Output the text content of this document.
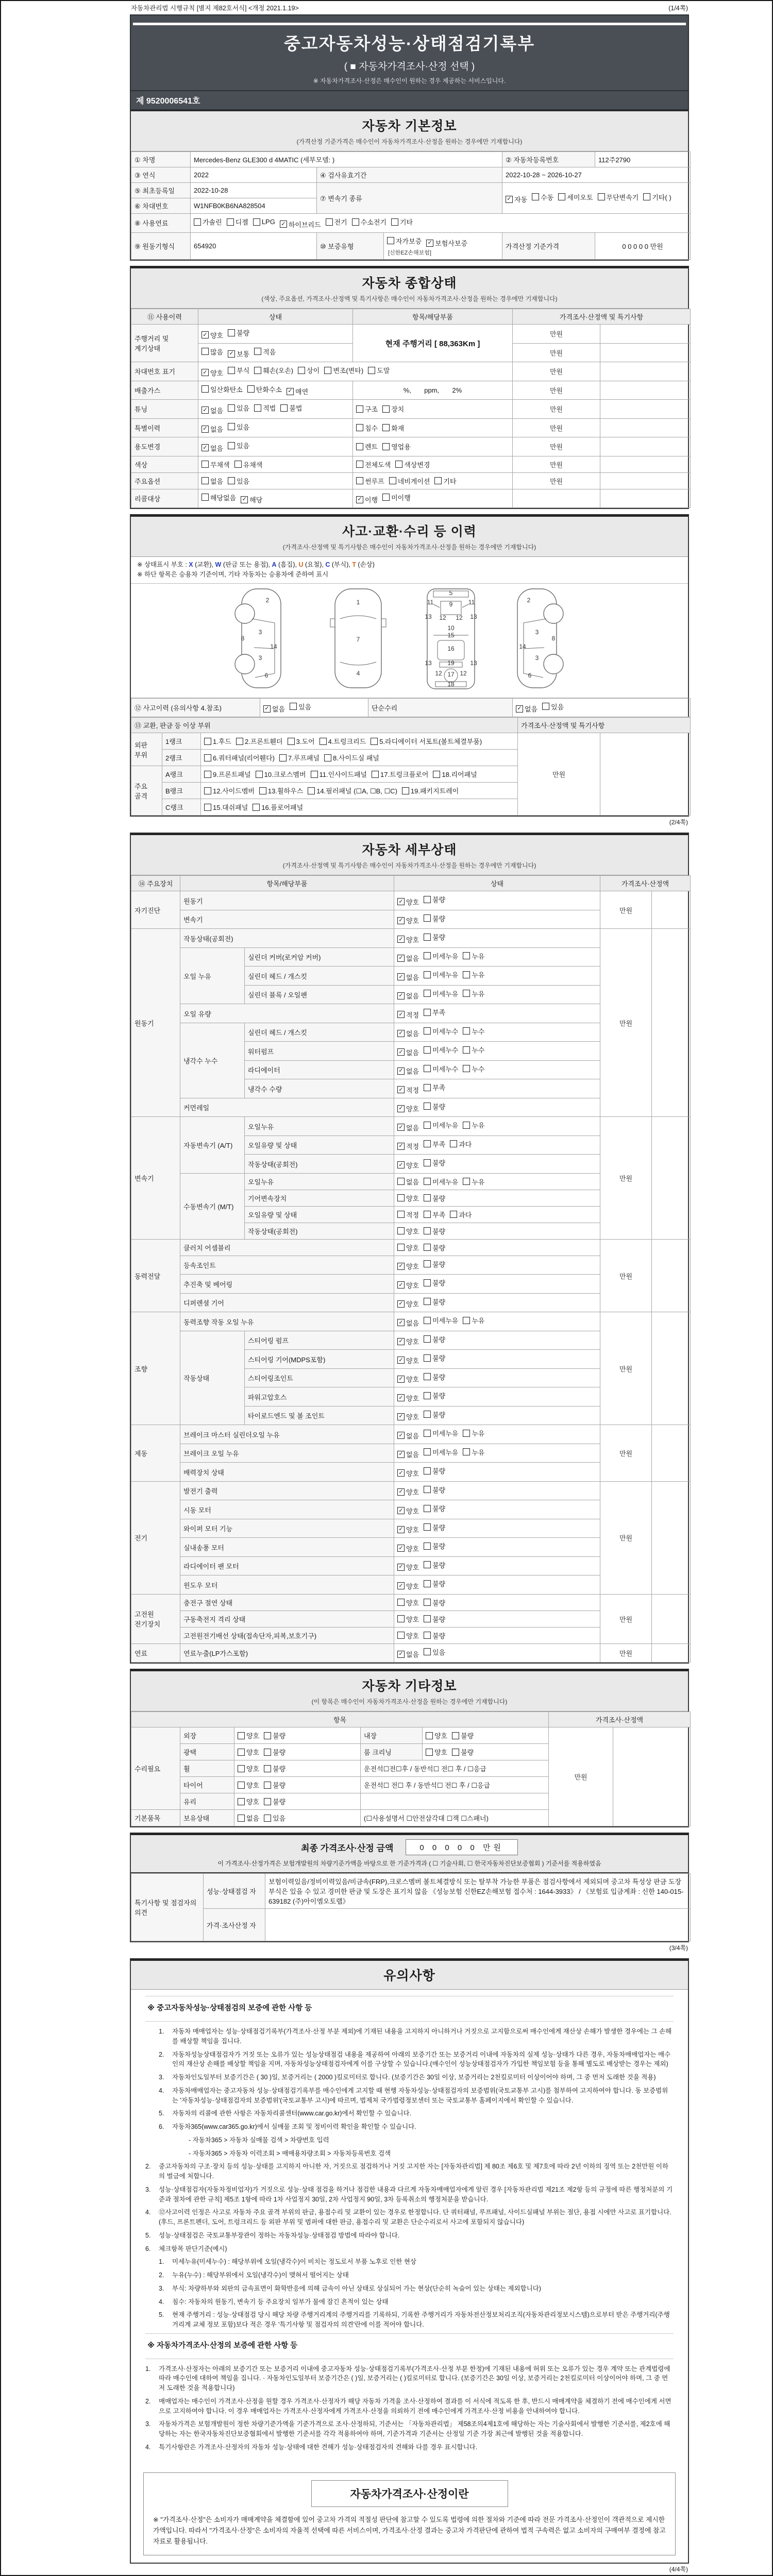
자동차관리법 시행규칙 [별지 제82호서식] <개정 2021.1.19>	(1/4쪽)
중고자동차성능·상태점검기록부
( ■ 자동차가격조사·산정 선택 )
※ 자동차가격조사·산정은 매수인이 원하는 경우 제공하는 서비스입니다.
제 9520006541호
자동차 기본정보
(가격산정 기준가격은 매수인이 자동차가격조사·산정을 원하는 경우에만 기재합니다)
① 차명	Mercedes-Benz GLE300 d 4MATIC (세부모델: )			② 자동차등록번호	112주2790
③ 연식	2022	④ 검사유효기간		2022-10-28 ~ 2026-10-27	
⑤ 최초등록일	2022-10-28	⑦ 변속기 종류	✓ 자동 수동 세미오토 무단변속기 기타( )

⑥ 차대번호	W1NFB0KB6NA828504				
⑧ 사용연료	가솔린 디젤 LPG ✓ 하이브리드 전기 수소전기 기타

⑨ 원동기형식	654920	⑩ 보증유형	자가보증 ✓ 보험사보증
[신한EZ손해보험]	가격산정 기준가격	0 0 0 0 0 만원
자동차 종합상태
(색상, 주요옵션, 가격조사·산정액 및 특기사항은 매수인이 자동차가격조사·산정을 원하는 경우에만 기재합니다)
⑪ 사용이력	상태	항목/해당부품	가격조사·산정액 및 특기사항	
주행거리 및 계기상태	✓ 양호 불량	현재 주행거리 [ 88,363Km ]	만원	

	많음 ✓ 보통 적음		만원	
차대번호 표기	✓ 양호 부식 훼손(오손) 상이 변조(변타) 도말	만원	
배출가스	일산화탄소 탄화수소 ✓ 매연	%,       ppm,       2%	만원	
튜닝	✓ 없음 있음 적법 불법	구조 장치	만원	
특별이력	✓ 없음 있음	침수 화재	만원	
용도변경	✓ 없음 있음	렌트 영업용	만원	
색상	무채색 유채색	전체도색 색상변경	만원	
주요옵션	없음 있음	썬루프 네비게이션 기타	만원	
리콜대상	해당없음 ✓ 해당	✓ 이행 미이행		

사고·교환·수리 등 이력
(가격조사·산정액 및 특기사항은 매수인이 자동차가격조사·산정을 원하는 경우에만 기재합니다)
※ 상태표시 부호 : X (교환), W (판금 또는 용접), A (흠집), U (요철), C (부식), T (손상)
※ 하단 항목은 승용차 기준이며, 기타 자동차는 승용차에 준하여 표시
2
8
3
14
3
6
1
7
4
5
11	11
9
13	13
12 12
10
15
16
19
13	13
12	12
17
18
2
8
3
14
3
6
⑫ 사고이력 (유의사항 4.참조)	✓ 없음 있음	단순수리	✓ 없음 있음
⑬ 교환, 판금 등 이상 부위			가격조사·산정액 및 특기사항	
외판 부위	1랭크	1.후드 2.프론트휀더 3.도어 4.트렁크리드 5.라디에이터 서포트(볼트체결부품)	만원	
	2랭크	6.쿼터패널(리어휀다) 7.루프패널 8.사이드실 패널		

주요 골격	A랭크	9.프론트패널 10.크로스멤버 11.인사이드패널 17.트렁크플로어 18.리어패널		

	B랭크	12.사이드멤버 13.휠하우스 14.필러패널 (☐A, ☐B, ☐C) 19.패키지트레이		

	C랭크	15.대쉬패널 16.플로어패널		
(2/4쪽)
자동차 세부상태
(가격조사·산정액 및 특기사항은 매수인이 자동차가격조사·산정을 원하는 경우에만 기재합니다)
⑭ 주요장치	항목/해당부품		상태	가격조사·산정액	
자기진단	원동기		✓ 양호 불량	만원	
	변속기		✓ 양호 불량		

원동기	작동상태(공회전)		✓ 양호 불량	만원	
	오일 누유	실린더 커버(로커암 커버)	✓ 없음 미세누유 누유		

		실린더 헤드 / 개스킷	✓ 없음 미세누유 누유		

		실린더 블록 / 오일팬	✓ 없음 미세누유 누유		

	오일 유량		✓ 적정 부족		

	냉각수 누수	실린더 헤드 / 개스킷	✓ 없음 미세누수 누수		

		워터펌프	✓ 없음 미세누수 누수		

		라디에이터	✓ 없음 미세누수 누수		

		냉각수 수량	✓ 적정 부족		

	커먼레일		✓ 양호 불량		

변속기	자동변속기 (A/T)	오일누유	✓ 없음 미세누유 누유	만원	
		오일유량 및 상태	✓ 적정 부족 과다		

		작동상태(공회전)	✓ 양호 불량		

	수동변속기 (M/T)	오일누유	없음 미세누유 누유		

		기어변속장치	양호 불량		

		오일유량 및 상태	적정 부족 과다		

		작동상태(공회전)	양호 불량		

동력전달	클러치 어셈블리		양호 불량	만원	
	등속조인트		✓ 양호 불량		

	추진축 및 베어링		✓ 양호 불량		

	디퍼렌셜 기어		✓ 양호 불량		

조향	동력조향 작동 오일 누유		✓ 없음 미세누유 누유	만원	
	작동상태	스티어링 펌프	✓ 양호 불량		

		스티어링 기어(MDPS포함)	✓ 양호 불량		

		스티어링조인트	✓ 양호 불량		

		파워고압호스	✓ 양호 불량		

		타이로드엔드 및 볼 조인트	✓ 양호 불량		

제동	브레이크 마스터 실린더오일 누유		✓ 없음 미세누유 누유	만원	
	브레이크 오일 누유		✓ 없음 미세누유 누유		

	배력장치 상태		✓ 양호 불량		

전기	발전기 출력		✓ 양호 불량	만원	
	시동 모터		✓ 양호 불량		

	와이퍼 모터 기능		✓ 양호 불량		

	실내송풍 모터		✓ 양호 불량		

	라디에이터 팬 모터		✓ 양호 불량		

	윈도우 모터		✓ 양호 불량		

고전원 전기장치	충전구 절연 상태		양호 불량	만원	
	구동축전지 격리 상태		양호 불량		

	고전원전기배선 상태(접속단자,피복,보호기구)		양호 불량		

연료	연료누출(LP가스포함)		✓ 없음 있음	만원	
자동차 기타정보
(이 항목은 매수인이 자동차가격조사·산정을 원하는 경우에만 기재합니다)
항목					가격조사·산정액	
수리필요	외장	양호 불량	내장	양호 불량	만원	
	광택	양호 불량	룸 크리닝	양호 불량		

	휠	양호 불량	운전석☐전☐후 / 동반석☐ 전☐ 후 / ☐응급			
	타이어	양호 불량	운전석☐ 전☐ 후 / 동반석☐ 전☐ 후 / ☐응급			
	유리	양호 불량				

기본품목	보유상태	없음 있음	(☐사용설명서 ☐안전삼각대 ☐잭 ☐스패너)			
최종 가격조사·산정 금액	0 0 0 0 0 만원
이 가격조사·산정가격은 보험개발원의 차량기준가액을 바탕으로 한 기준가격과 ( ☐ 기술사회, ☐ 한국자동차진단보증협회 ) 기준서를 적용하였음
특기사항 및 점검자의 의견	성능·상태점검 자	보험이력있음/정비이력있음/비금속(FRP),크로스멤버 볼트체결방식 또는 탈부착 가능한 부품은 점검사항에서 제외되며 중고차 특성상 판금 도장 부식은 있을 수 있고 경미한 판금 및 도장은 표기치 않음 《성능보험 신한EZ손해보험 접수처 : 1644-3933》 / 《보험료 입금계좌 : 신한 140-015-639182 (주)아이엠오토랩》
	가격·조사산정 자	
(3/4쪽)
유의사항
※ 중고자동차성능·상태점검의 보증에 관한 사항 등
1.	자동차 매매업자는 성능·상태점검기록부(가격조사·산정 부분 제외)에 기재된 내용을 고지하지 아니하거나 거짓으로 고지함으로써 매수인에게 재산상 손해가 발생한 경우에는 그 손해를 배상할 책임을 집니다.
2.	자동차성능상태점검자가 거짓 또는 오류가 있는 성능상태점검 내용을 제공하여 아래의 보증기간 또는 보증거리 이내에 자동차의 실제 성능·상태가 다른 경우, 자동차매매업자는 매수인의 재산상 손해를 배상할 책임을 지며, 자동차성능상태점검자에게 이를 구상할 수 있습니다.(매수인이 성능상태점검자가 가입한 책임보험 등을 통해 별도로 배상받는 경우는 제외)
3.	자동차인도일부터 보증기간은 ( 30 )일, 보증거리는 ( 2000 )킬로미터로 합니다. (보증기간은 30일 이상, 보증거리는 2천킬로미터 이상이어야 하며, 그 중 먼저 도래한 것을 적용)
4.	자동차매매업자는 중고자동차 성능·상태점검기록부를 매수인에게 고지할 때 현행 자동차성능·상태점검자의 보증범위(국토교통부 고시)를 첨부하여 고지하여야 합니다. 동 보증범위는 '자동차성능·상태점검자의 보증범위'(국토교통부 고시)에 따르며, 법제처 국가법령정보센터 또는 국토교통부 홈페이지에서 확인할 수 있습니다.
5.	자동차의 리콜에 관한 사항은 자동차리콜센터(www.car.go.kr)에서 확인할 수 있습니다.
6.	자동차365(www.car365.go.kr)에서 실매물 조회 및 정비이력 확인을 확인할 수 있습니다.
- 자동차365 > 자동차 실매물 검색 > 차량번호 입력
- 자동차365 > 자동차 이력조회 > 매매용차량조회 > 자동차등록번호 검색
2.	중고자동차의 구조·장치 등의 성능·상태를 고지하지 아니한 자, 거짓으로 점검하거나 거짓 고지한 자는 [자동차관리법] 제 80조 제6호 및 제7호에 따라 2년 이하의 징역 또는 2천만원 이하의 벌금에 처합니다.
3.	성능·상태점검자(자동차정비업자)가 거짓으로 성능·상태 점검을 하거나 점검한 내용과 다르게 자동차매매업자에게 알린 경우 [자동차관리법 제21조 제2항 등의 규정에 따른 행정처분의 기준과 절차에 관한 규칙] 제5조 1항에 따라 1차 사업정지 30일, 2차 사업정지 90일, 3차 등록취소의 행정처분을 받습니다.
4.	⑫사고이력 인정은 사고로 자동차 주요 골격 부위의 판금, 용접수리 및 교환이 있는 경우로 한정합니다. 단 쿼터패널, 루프패널, 사이드실패널 부위는 절단, 용접 시에만 사고로 표기합니다. (후드, 프론트펜더, 도어, 트렁크리드 등 외판 부위 및 범퍼에 대한 판금, 용접수리 및 교환은 단순수리로서 사고에 포함되지 않습니다)
5.	성능·상태점검은 국토교통부장관이 정하는 자동차성능·상태점검 방법에 따라야 합니다.
6.	체크항목 판단기준(예시)
1.	미세누유(미세누수) : 해당부위에 오일(냉각수)이 비치는 정도로서 부품 노후로 인한 현상
2.	누유(누수) : 해당부위에서 오일(냉각수)이 맺혀서 떨어지는 상태
3.	부식: 차량하부와 외판의 금속표면이 화학반응에 의해 금속이 아닌 상태로 상실되어 가는 현상(단순히 녹슬어 있는 상태는 제외합니다)
4.	침수: 자동차의 원동기, 변속기 등 주요장치 일부가 물에 잠긴 흔적이 있는 상태
5.	현재 주행거리 : 성능·상태점검 당시 해당 차량 주행거리계의 주행거리를 기록하되, 기록한 주행거리가 자동차전산정보처리조직(자동차관리정보시스템)으로부터 받은 주행거리(주행거리계 교체 정보 포함)보다 적은 경우 '특기사항 및 점검자의 의견'란에 이를 적어야 합니다.
※ 자동차가격조사·산정의 보증에 관한 사항 등
1.	가격조사·산정자는 아래의 보증기간 또는 보증거리 이내에 중고자동차 성능·상태점검기록부(가격조사·산정 부분 한정)에 기재된 내용에 허위 또는 오류가 있는 경우 계약 또는 관계법령에 따라 매수인에 대하여 책임을 집니다. · 자동차인도일부터 보증기간은 ( )일, 보증거리는 ( )킬로미터로 합니다. (보증기간은 30일 이상, 보증거리는 2천킬로미터 이상이어야 하며, 그 중 먼저 도래한 것을 적용합니다)
2.	매매업자는 매수인이 가격조사·산정을 원할 경우 가격조사·산정자가 해당 자동차 가격을 조사·산정하여 결과를 이 서식에 적도록 한 후, 반드시 매매계약을 체결하기 전에 매수인에게 서면으로 고지하여야 합니다. 이 경우 매매업자는 가격조사·산정자에게 가격조사·산정을 의뢰하기 전에 매수인에게 가격조사·산정 비용을 안내하여야 합니다.
3.	자동차가격은 보험개발원이 정한 차량기준가액을 기준가격으로 조사·산정하되, 기준서는 「자동차관리법」 제58조의4제1호에 해당하는 자는 기술사회에서 발행한 기준서를, 제2호에 해당하는 자는 한국자동차진단보증협회에서 발행한 기준서를 각각 적용하여야 하며, 기준가격과 기준서는 산정일 기준 가장 최근에 발행된 것을 적용합니다.
4.	특기사항란은 가격조사·산정자의 자동차 성능·상태에 대한 견해가 성능·상태점검자의 견해와 다를 경우 표시합니다.
자동차가격조사·산정이란
※ "가격조사·산정"은 소비자가 매매계약을 체결함에 있어 중고차 가격의 적절성 판단에 참고할 수 있도록 법령에 의한 절차와 기준에 따라 전문 가격조사·산정인이 객관적으로 제시한 가액입니다. 따라서 "가격조사·산정"은 소비자의 자율적 선택에 따른 서비스이며, 가격조사·산정 결과는 중고차 가격판단에 관하여 법적 구속력은 없고 소비자의 구매여부 결정에 참고자료로 활용됩니다.
(4/4쪽)
